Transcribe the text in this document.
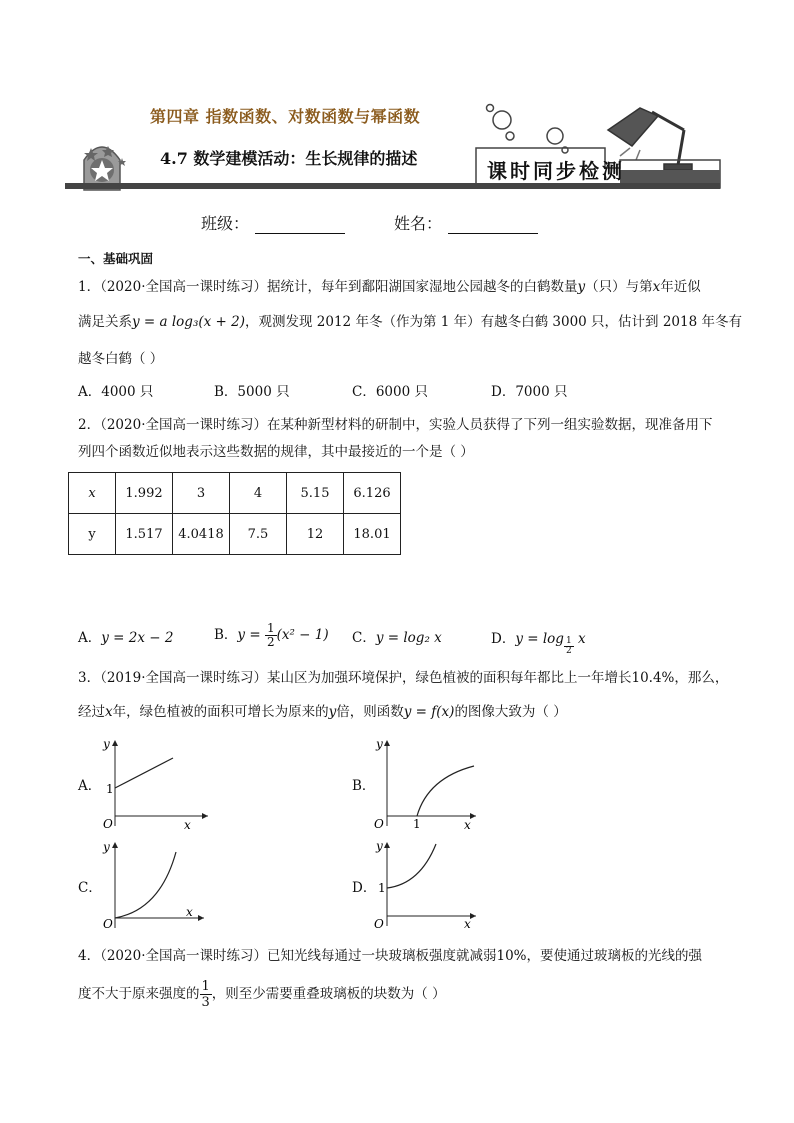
第四章 指数函数、对数函数与幂函数
4.7 数学建模活动：生长规律的描述
课时同步检测
班级：	姓名：
一、基础巩固
1．（2020·全国高一课时练习）据统计，每年到鄱阳湖国家湿地公园越冬的白鹤数量y（只）与第x年近似
满足关系y = a log₃(x + 2)，观测发现 2012 年冬（作为第 1 年）有越冬白鹤 3000 只，估计到 2018 年冬有
越冬白鹤（ ）
A．4000 只	B．5000 只	C．6000 只	D．7000 只
2．（2020·全国高一课时练习）在某种新型材料的研制中，实验人员获得了下列一组实验数据，现准备用下
列四个函数近似地表示这些数据的规律，其中最接近的一个是（ ）
x	1.992	3	4	5.15	6.126
y	1.517	4.0418	7.5	12	18.01
A．y = 2x − 2	B．$y = \frac{1}{2} (x^2 - 1)$ C．y = log₂ x	D．$y = \log \frac{1}{2}$ x
3．（2019·全国高一课时练习）某山区为加强环境保护，绿色植被的面积每年都比上一年增长10.4%，那么，
经过x年，绿色植被的面积可增长为原来的y倍，则函数y = f(x)的图像大致为（ ）
A．	B．
C．	D．
y
x
O
1
y
x
O 1
y
x
O
y
x
O
1
4．（2020·全国高一课时练习）已知光线每通过一块玻璃板强度就减弱10%，要使通过玻璃板的光线的强
度不大于原来强度的 $\frac{1}{3}$ ，则至少需要重叠玻璃板的块数为（ ）
